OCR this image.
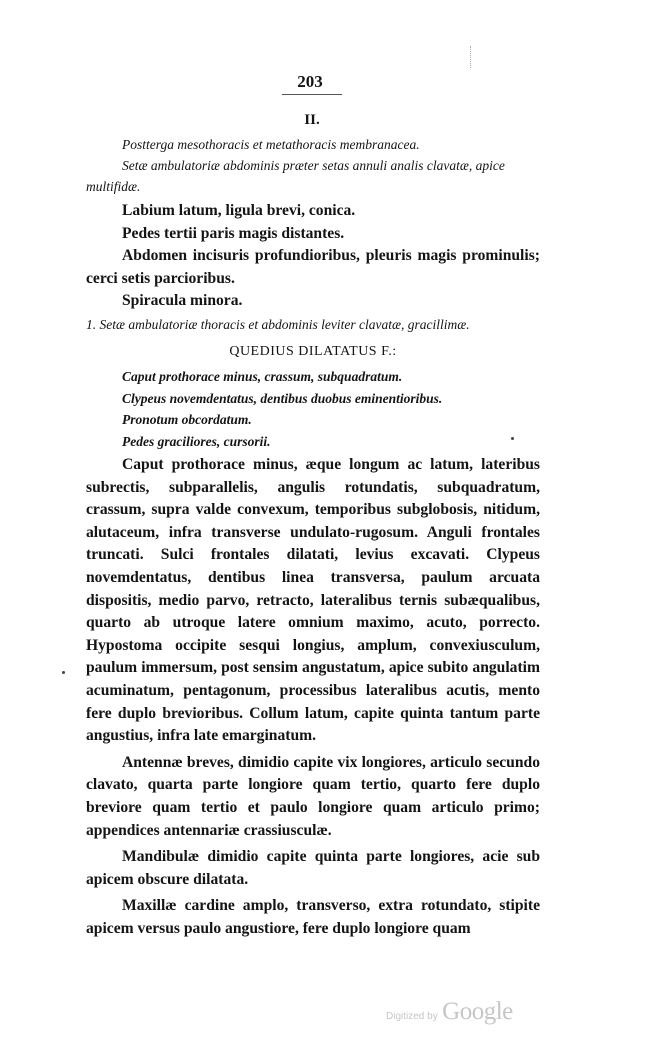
203
II.

Postterga mesothoracis et metathoracis membranacea.

Setæ ambulatoriæ abdominis præter setas annuli analis clavatæ, apice multifidæ.

Labium latum, ligula brevi, conica.

Pedes tertii paris magis distantes.

Abdomen incisuris profundioribus, pleuris magis prominulis; cerci setis parcioribus.

Spiracula minora.

1. Setæ ambulatoriæ thoracis et abdominis leviter clavatæ, gracillimæ.
QUEDIUS DILATATUS F.:
Caput prothorace minus, crassum, subquadratum.
Clypeus novemdentatus, dentibus duobus eminentioribus.
Pronotum obcordatum.
Pedes graciliores, cursorii.

Caput prothorace minus, æque longum ac latum, lateribus subrectis, subparallelis, angulis rotundatis, subquadratum, crassum, supra valde convexum, temporibus subglobosis, nitidum, alutaceum, infra transverse undulato-rugosum. Anguli frontales truncati. Sulci frontales dilatati, levius excavati. Clypeus novemdentatus, dentibus linea transversa, paulum arcuata dispositis, medio parvo, retracto, lateralibus ternis subæqualibus, quarto ab utroque latere omnium maximo, acuto, porrecto. Hypostoma occipite sesqui longius, amplum, convexiusculum, paulum immersum, post sensim angustatum, apice subito angulatim acuminatum, pentagonum, processibus lateralibus acutis, mento fere duplo brevioribus. Collum latum, capite quinta tantum parte angustius, infra late emarginatum.

Antennæ breves, dimidio capite vix longiores, articulo secundo clavato, quarta parte longiore quam tertio, quarto fere duplo breviore quam tertio et paulo longiore quam articulo primo; appendices antennariæ crassiusculæ.

Mandibulæ dimidio capite quinta parte longiores, acie sub apicem obscure dilatata.

Maxillæ cardine amplo, transverso, extra rotundato, stipite apicem versus paulo angustiore, fere duplo longiore quam

Digitized by Google
